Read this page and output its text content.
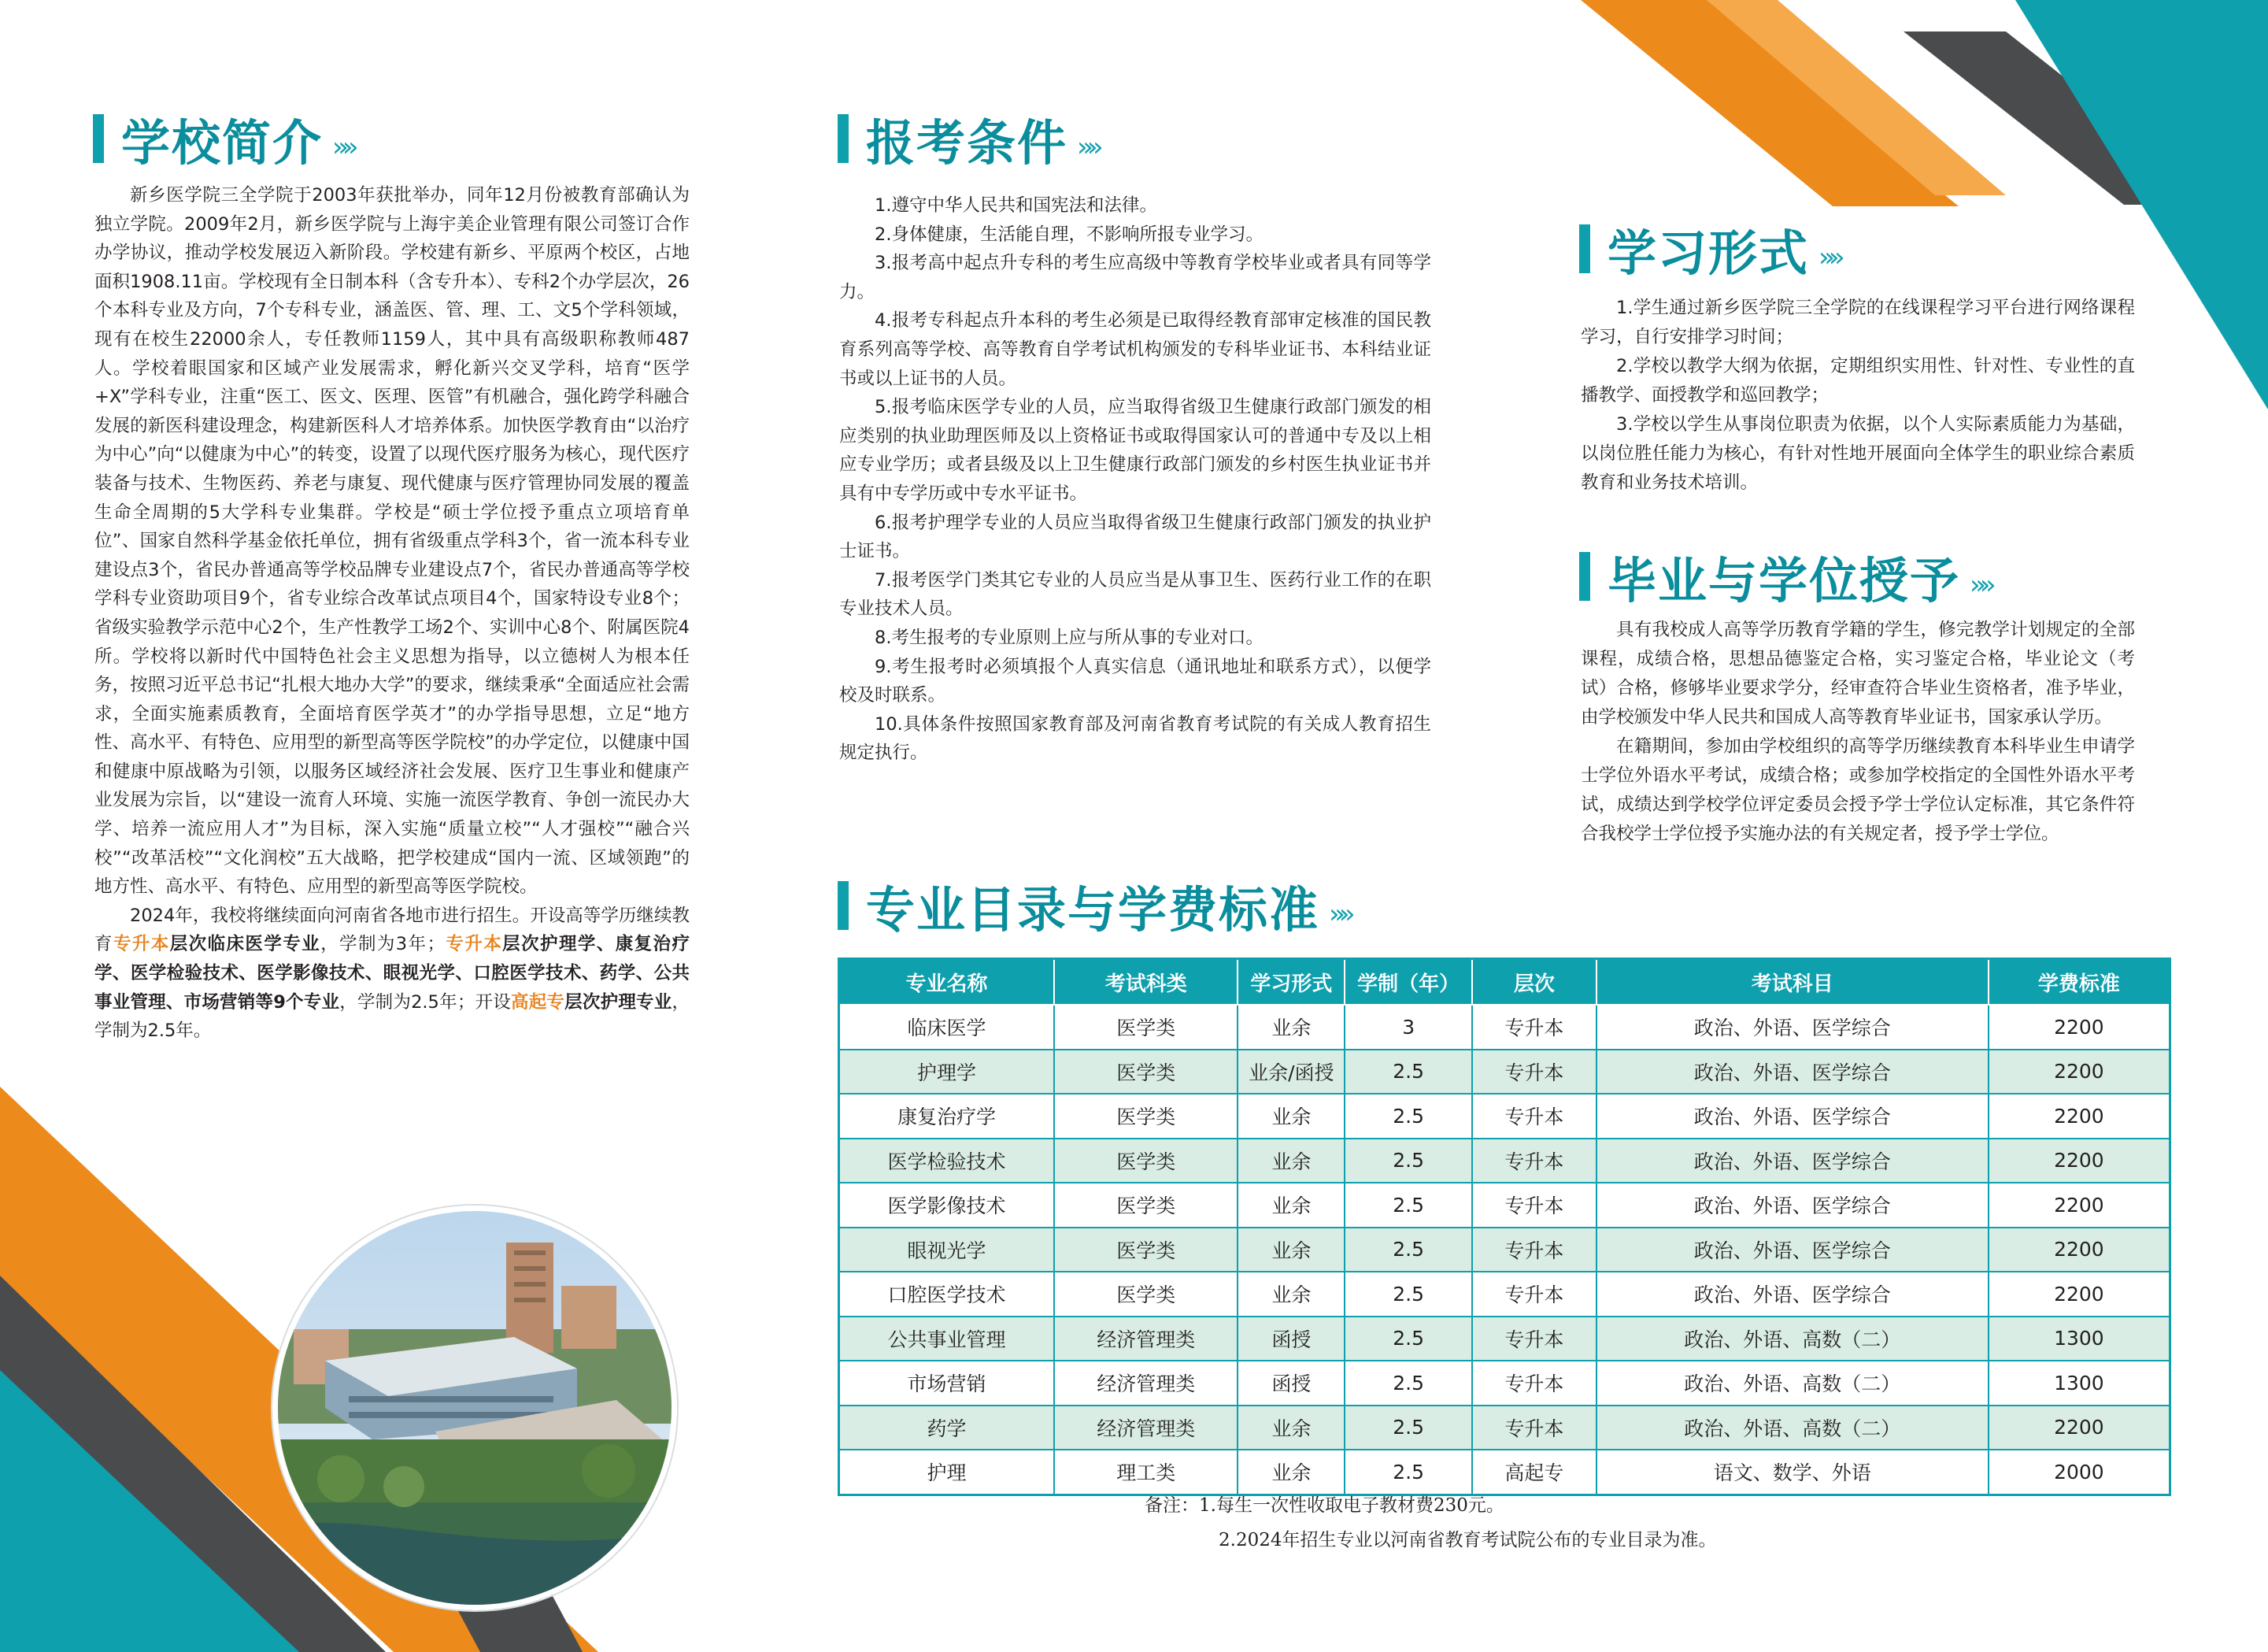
学校简介 »»

新乡医学院三全学院于2003年获批举办，同年12月份被教育部确认为独立学院。2009年2月，新乡医学院与上海宇美企业管理有限公司签订合作办学协议，推动学校发展迈入新阶段。学校建有新乡、平原两个校区，占地面积1908.11亩。学校现有全日制本科（含专升本）、专科2个办学层次，26个本科专业及方向，7个专科专业，涵盖医、管、理、工、文5个学科领域，现有在校生22000余人，专任教师1159人，其中具有高级职称教师487人。学校着眼国家和区域产业发展需求，孵化新兴交叉学科，培育“医学+X”学科专业，注重“医工、医文、医理、医管”有机融合，强化跨学科融合发展的新医科建设理念，构建新医科人才培养体系。加快医学教育由“以治疗为中心”向“以健康为中心”的转变，设置了以现代医疗服务为核心，现代医疗装备与技术、生物医药、养老与康复、现代健康与医疗管理协同发展的覆盖生命全周期的5大学科专业集群。学校是“硕士学位授予重点立项培育单位”、国家自然科学基金依托单位，拥有省级重点学科3个，省一流本科专业建设点3个，省民办普通高等学校品牌专业建设点7个，省民办普通高等学校学科专业资助项目9个，省专业综合改革试点项目4个，国家特设专业8个；省级实验教学示范中心2个，生产性教学工场2个、实训中心8个、附属医院4所。学校将以新时代中国特色社会主义思想为指导，以立德树人为根本任务，按照习近平总书记“扎根大地办大学”的要求，继续秉承“全面适应社会需求，全面实施素质教育，全面培育医学英才”的办学指导思想，立足“地方性、高水平、有特色、应用型的新型高等医学院校”的办学定位，以健康中国和健康中原战略为引领，以服务区域经济社会发展、医疗卫生事业和健康产业发展为宗旨，以“建设一流育人环境、实施一流医学教育、争创一流民办大学、培养一流应用人才”为目标，深入实施“质量立校”“人才强校”“融合兴校”“改革活校”“文化润校”五大战略，把学校建成“国内一流、区域领跑”的地方性、高水平、有特色、应用型的新型高等医学院校。

2024年，我校将继续面向河南省各地市进行招生。开设高等学历继续教育专升本层次临床医学专业，学制为3年；专升本层次护理学、康复治疗学、医学检验技术、医学影像技术、眼视光学、口腔医学技术、药学、公共事业管理、市场营销等9个专业，学制为2.5年；开设高起专层次护理专业，学制为2.5年。

报考条件 »»

1.遵守中华人民共和国宪法和法律。

2.身体健康，生活能自理，不影响所报专业学习。

3.报考高中起点升专科的考生应高级中等教育学校毕业或者具有同等学力。

4.报考专科起点升本科的考生必须是已取得经教育部审定核准的国民教育系列高等学校、高等教育自学考试机构颁发的专科毕业证书、本科结业证书或以上证书的人员。

5.报考临床医学专业的人员，应当取得省级卫生健康行政部门颁发的相应类别的执业助理医师及以上资格证书或取得国家认可的普通中专及以上相应专业学历；或者县级及以上卫生健康行政部门颁发的乡村医生执业证书并具有中专学历或中专水平证书。

6.报考护理学专业的人员应当取得省级卫生健康行政部门颁发的执业护士证书。

7.报考医学门类其它专业的人员应当是从事卫生、医药行业工作的在职专业技术人员。

8.考生报考的专业原则上应与所从事的专业对口。

9.考生报考时必须填报个人真实信息（通讯地址和联系方式），以便学校及时联系。

10.具体条件按照国家教育部及河南省教育考试院的有关成人教育招生规定执行。

学习形式 »»

1.学生通过新乡医学院三全学院的在线课程学习平台进行网络课程学习，自行安排学习时间；

2.学校以教学大纲为依据，定期组织实用性、针对性、专业性的直播教学、面授教学和巡回教学；

3.学校以学生从事岗位职责为依据，以个人实际素质能力为基础，以岗位胜任能力为核心，有针对性地开展面向全体学生的职业综合素质教育和业务技术培训。

毕业与学位授予 »»

具有我校成人高等学历教育学籍的学生，修完教学计划规定的全部课程，成绩合格，思想品德鉴定合格，实习鉴定合格，毕业论文（考试）合格，修够毕业要求学分，经审查符合毕业生资格者，准予毕业，由学校颁发中华人民共和国成人高等教育毕业证书，国家承认学历。

在籍期间，参加由学校组织的高等学历继续教育本科毕业生申请学士学位外语水平考试，成绩合格；或参加学校指定的全国性外语水平考试，成绩达到学校学位评定委员会授予学士学位认定标准，其它条件符合我校学士学位授予实施办法的有关规定者，授予学士学位。

专业目录与学费标准 »»
专业名称	考试科类	学习形式	学制（年）	层次	考试科目	学费标准
临床医学	医学类	业余	3	专升本	政治、外语、医学综合	2200
护理学	医学类	业余/函授	2.5	专升本	政治、外语、医学综合	2200
康复治疗学	医学类	业余	2.5	专升本	政治、外语、医学综合	2200
医学检验技术	医学类	业余	2.5	专升本	政治、外语、医学综合	2200
医学影像技术	医学类	业余	2.5	专升本	政治、外语、医学综合	2200
眼视光学	医学类	业余	2.5	专升本	政治、外语、医学综合	2200
口腔医学技术	医学类	业余	2.5	专升本	政治、外语、医学综合	2200
公共事业管理	经济管理类	函授	2.5	专升本	政治、外语、高数（二）	1300
市场营销	经济管理类	函授	2.5	专升本	政治、外语、高数（二）	1300
药学	经济管理类	业余	2.5	专升本	政治、外语、高数（二）	2200
护理	理工类	业余	2.5	高起专	语文、数学、外语	2000
备注：1.每生一次性收取电子教材费230元。
2.2024年招生专业以河南省教育考试院公布的专业目录为准。
